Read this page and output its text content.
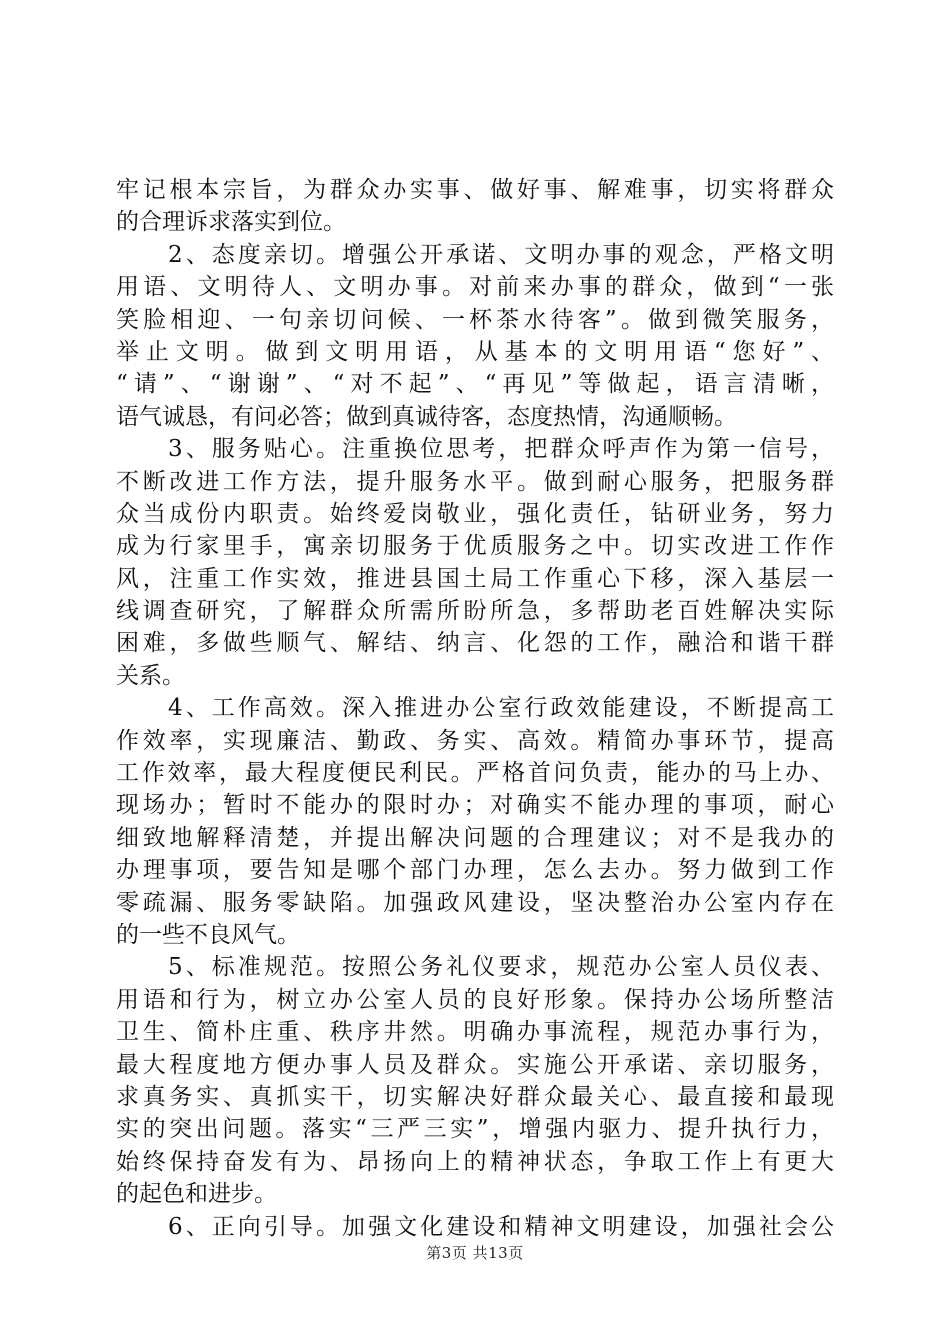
牢记根本宗旨，为群众办实事、做好事、解难事，切实将群众
的合理诉求落实到位。
2、态度亲切。增强公开承诺、文明办事的观念，严格文明
用语、文明待人、文明办事。对前来办事的群众，做到“一张
笑脸相迎、一句亲切问候、一杯茶水待客”。做到微笑服务，
举止文明。做到文明用语，从基本的文明用语“您好”、
“请”、“谢谢”、“对不起”、“再见”等做起，语言清晰，
语气诚恳，有问必答；做到真诚待客，态度热情，沟通顺畅。
3、服务贴心。注重换位思考，把群众呼声作为第一信号，
不断改进工作方法，提升服务水平。做到耐心服务，把服务群
众当成份内职责。始终爱岗敬业，强化责任，钻研业务，努力
成为行家里手，寓亲切服务于优质服务之中。切实改进工作作
风，注重工作实效，推进县国土局工作重心下移，深入基层一
线调查研究，了解群众所需所盼所急，多帮助老百姓解决实际
困难，多做些顺气、解结、纳言、化怨的工作，融洽和谐干群
关系。
4、工作高效。深入推进办公室行政效能建设，不断提高工
作效率，实现廉洁、勤政、务实、高效。精简办事环节，提高
工作效率，最大程度便民利民。严格首问负责，能办的马上办、
现场办；暂时不能办的限时办；对确实不能办理的事项，耐心
细致地解释清楚，并提出解决问题的合理建议；对不是我办的
办理事项，要告知是哪个部门办理，怎么去办。努力做到工作
零疏漏、服务零缺陷。加强政风建设，坚决整治办公室内存在
的一些不良风气。
5、标准规范。按照公务礼仪要求，规范办公室人员仪表、
用语和行为，树立办公室人员的良好形象。保持办公场所整洁
卫生、简朴庄重、秩序井然。明确办事流程，规范办事行为，
最大程度地方便办事人员及群众。实施公开承诺、亲切服务，
求真务实、真抓实干，切实解决好群众最关心、最直接和最现
实的突出问题。落实“三严三实”，增强内驱力、提升执行力，
始终保持奋发有为、昂扬向上的精神状态，争取工作上有更大
的起色和进步。
6、正向引导。加强文化建设和精神文明建设，加强社会公
第3页 共13页
